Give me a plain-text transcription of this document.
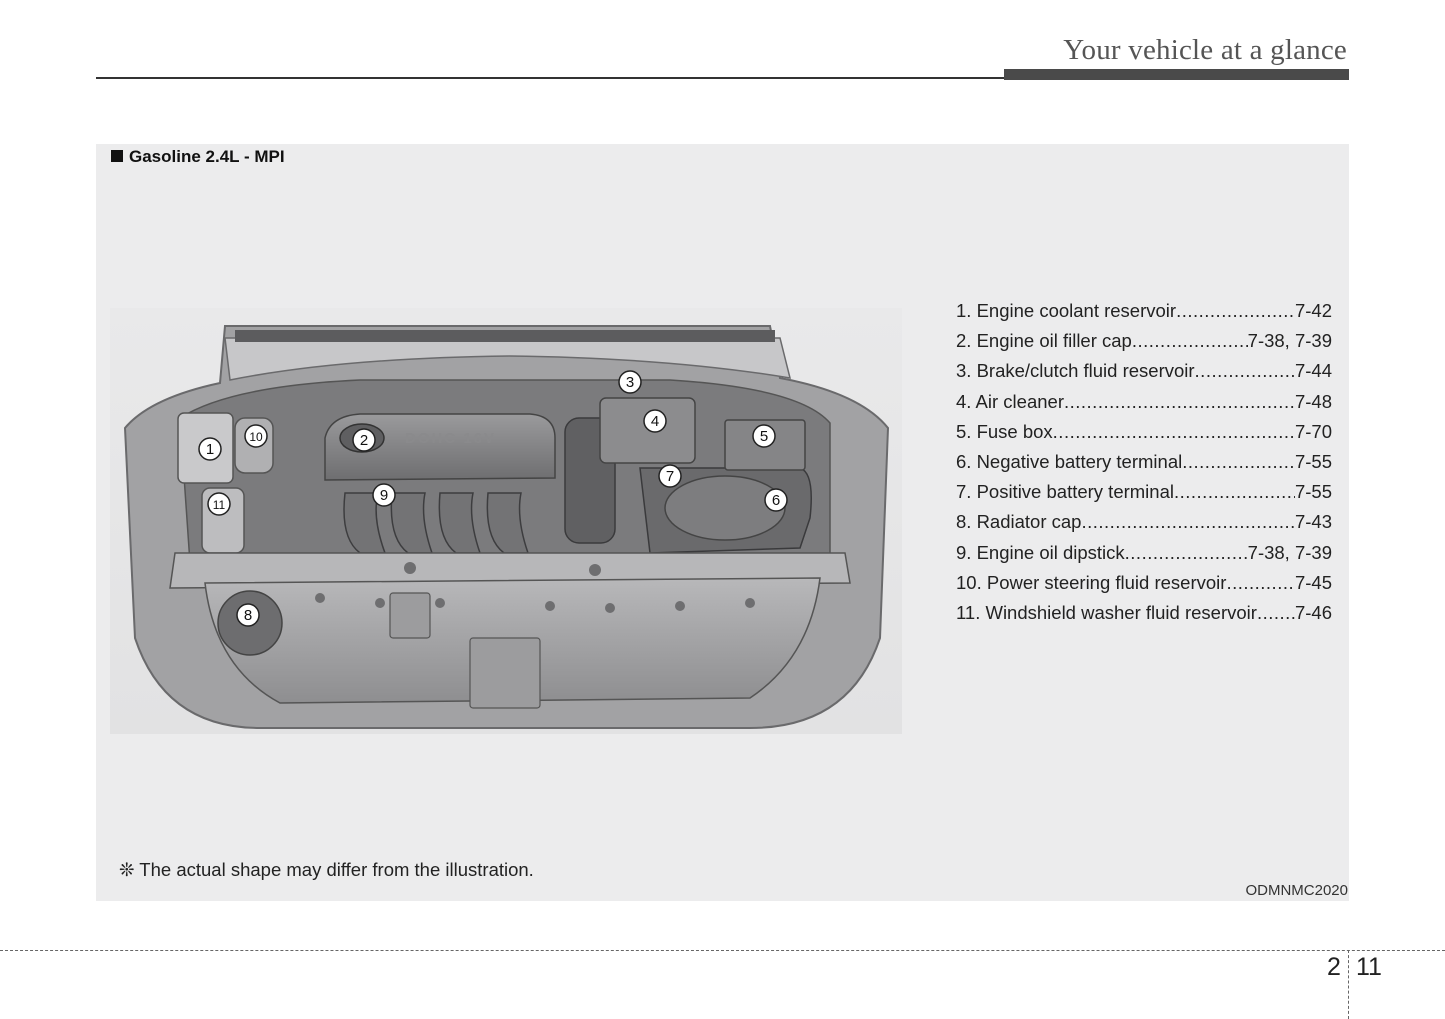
Your vehicle at a glance
Gasoline 2.4L - MPI
DOHC 16V
1
2
3
4
5
6
7
8
9
10
11
1. Engine coolant reservoir .....	7-42
2. Engine oil filler cap .....	7-38, 7-39
3. Brake/clutch fluid reservoir .....	7-44
4. Air cleaner .....	7-48
5. Fuse box .....	7-70
6. Negative battery terminal .....	7-55
7. Positive battery terminal .....	7-55
8. Radiator cap .....	7-43
9. Engine oil dipstick .....	7-38, 7-39
10. Power steering fluid reservoir .....	7-45
11. Windshield washer fluid reservoir ..... 7-46
❊ The actual shape may differ from the illustration.
ODMNMC2020
2 11
